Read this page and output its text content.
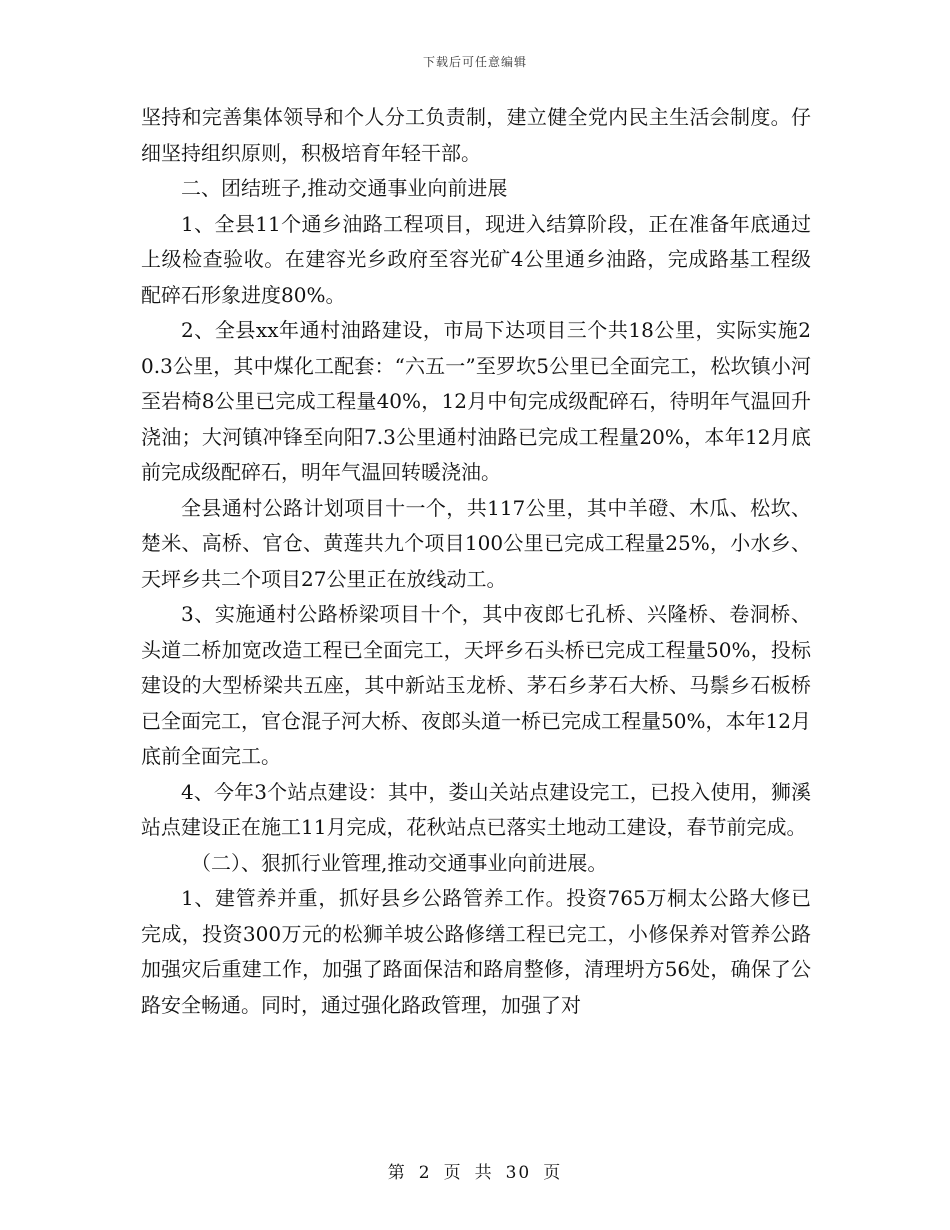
下载后可任意编辑

坚持和完善集体领导和个人分工负责制，建立健全党内民主生活会制度。仔细坚持组织原则，积极培育年轻干部。

二、团结班子,推动交通事业向前进展

1、全县11个通乡油路工程项目，现进入结算阶段，正在准备年底通过上级检查验收。在建容光乡政府至容光矿4公里通乡油路，完成路基工程级配碎石形象进度80%。

2、全县xx年通村油路建设，市局下达项目三个共18公里，实际实施20.3公里，其中煤化工配套：“六五一”至罗坎5公里已全面完工，松坎镇小河至岩椅8公里已完成工程量40%，12月中旬完成级配碎石，待明年气温回升浇油；大河镇冲锋至向阳7.3公里通村油路已完成工程量20%，本年12月底前完成级配碎石，明年气温回转暖浇油。

全县通村公路计划项目十一个，共117公里，其中羊磴、木瓜、松坎、楚米、高桥、官仓、黄莲共九个项目100公里已完成工程量25%，小水乡、天坪乡共二个项目27公里正在放线动工。

3、实施通村公路桥梁项目十个，其中夜郎七孔桥、兴隆桥、卷洞桥、头道二桥加宽改造工程已全面完工，天坪乡石头桥已完成工程量50%，投标建设的大型桥梁共五座，其中新站玉龙桥、茅石乡茅石大桥、马鬃乡石板桥已全面完工，官仓混子河大桥、夜郎头道一桥已完成工程量50%，本年12月底前全面完工。

4、今年3个站点建设：其中，娄山关站点建设完工，已投入使用，狮溪站点建设正在施工11月完成，花秋站点已落实土地动工建设，春节前完成。

（二）、狠抓行业管理,推动交通事业向前进展。

1、建管养并重，抓好县乡公路管养工作。投资765万桐太公路大修已完成，投资300万元的松狮羊坡公路修缮工程已完工，小修保养对管养公路加强灾后重建工作，加强了路面保洁和路肩整修，清理坍方56处，确保了公路安全畅通。同时，通过强化路政管理，加强了对

第 2 页 共 30 页
